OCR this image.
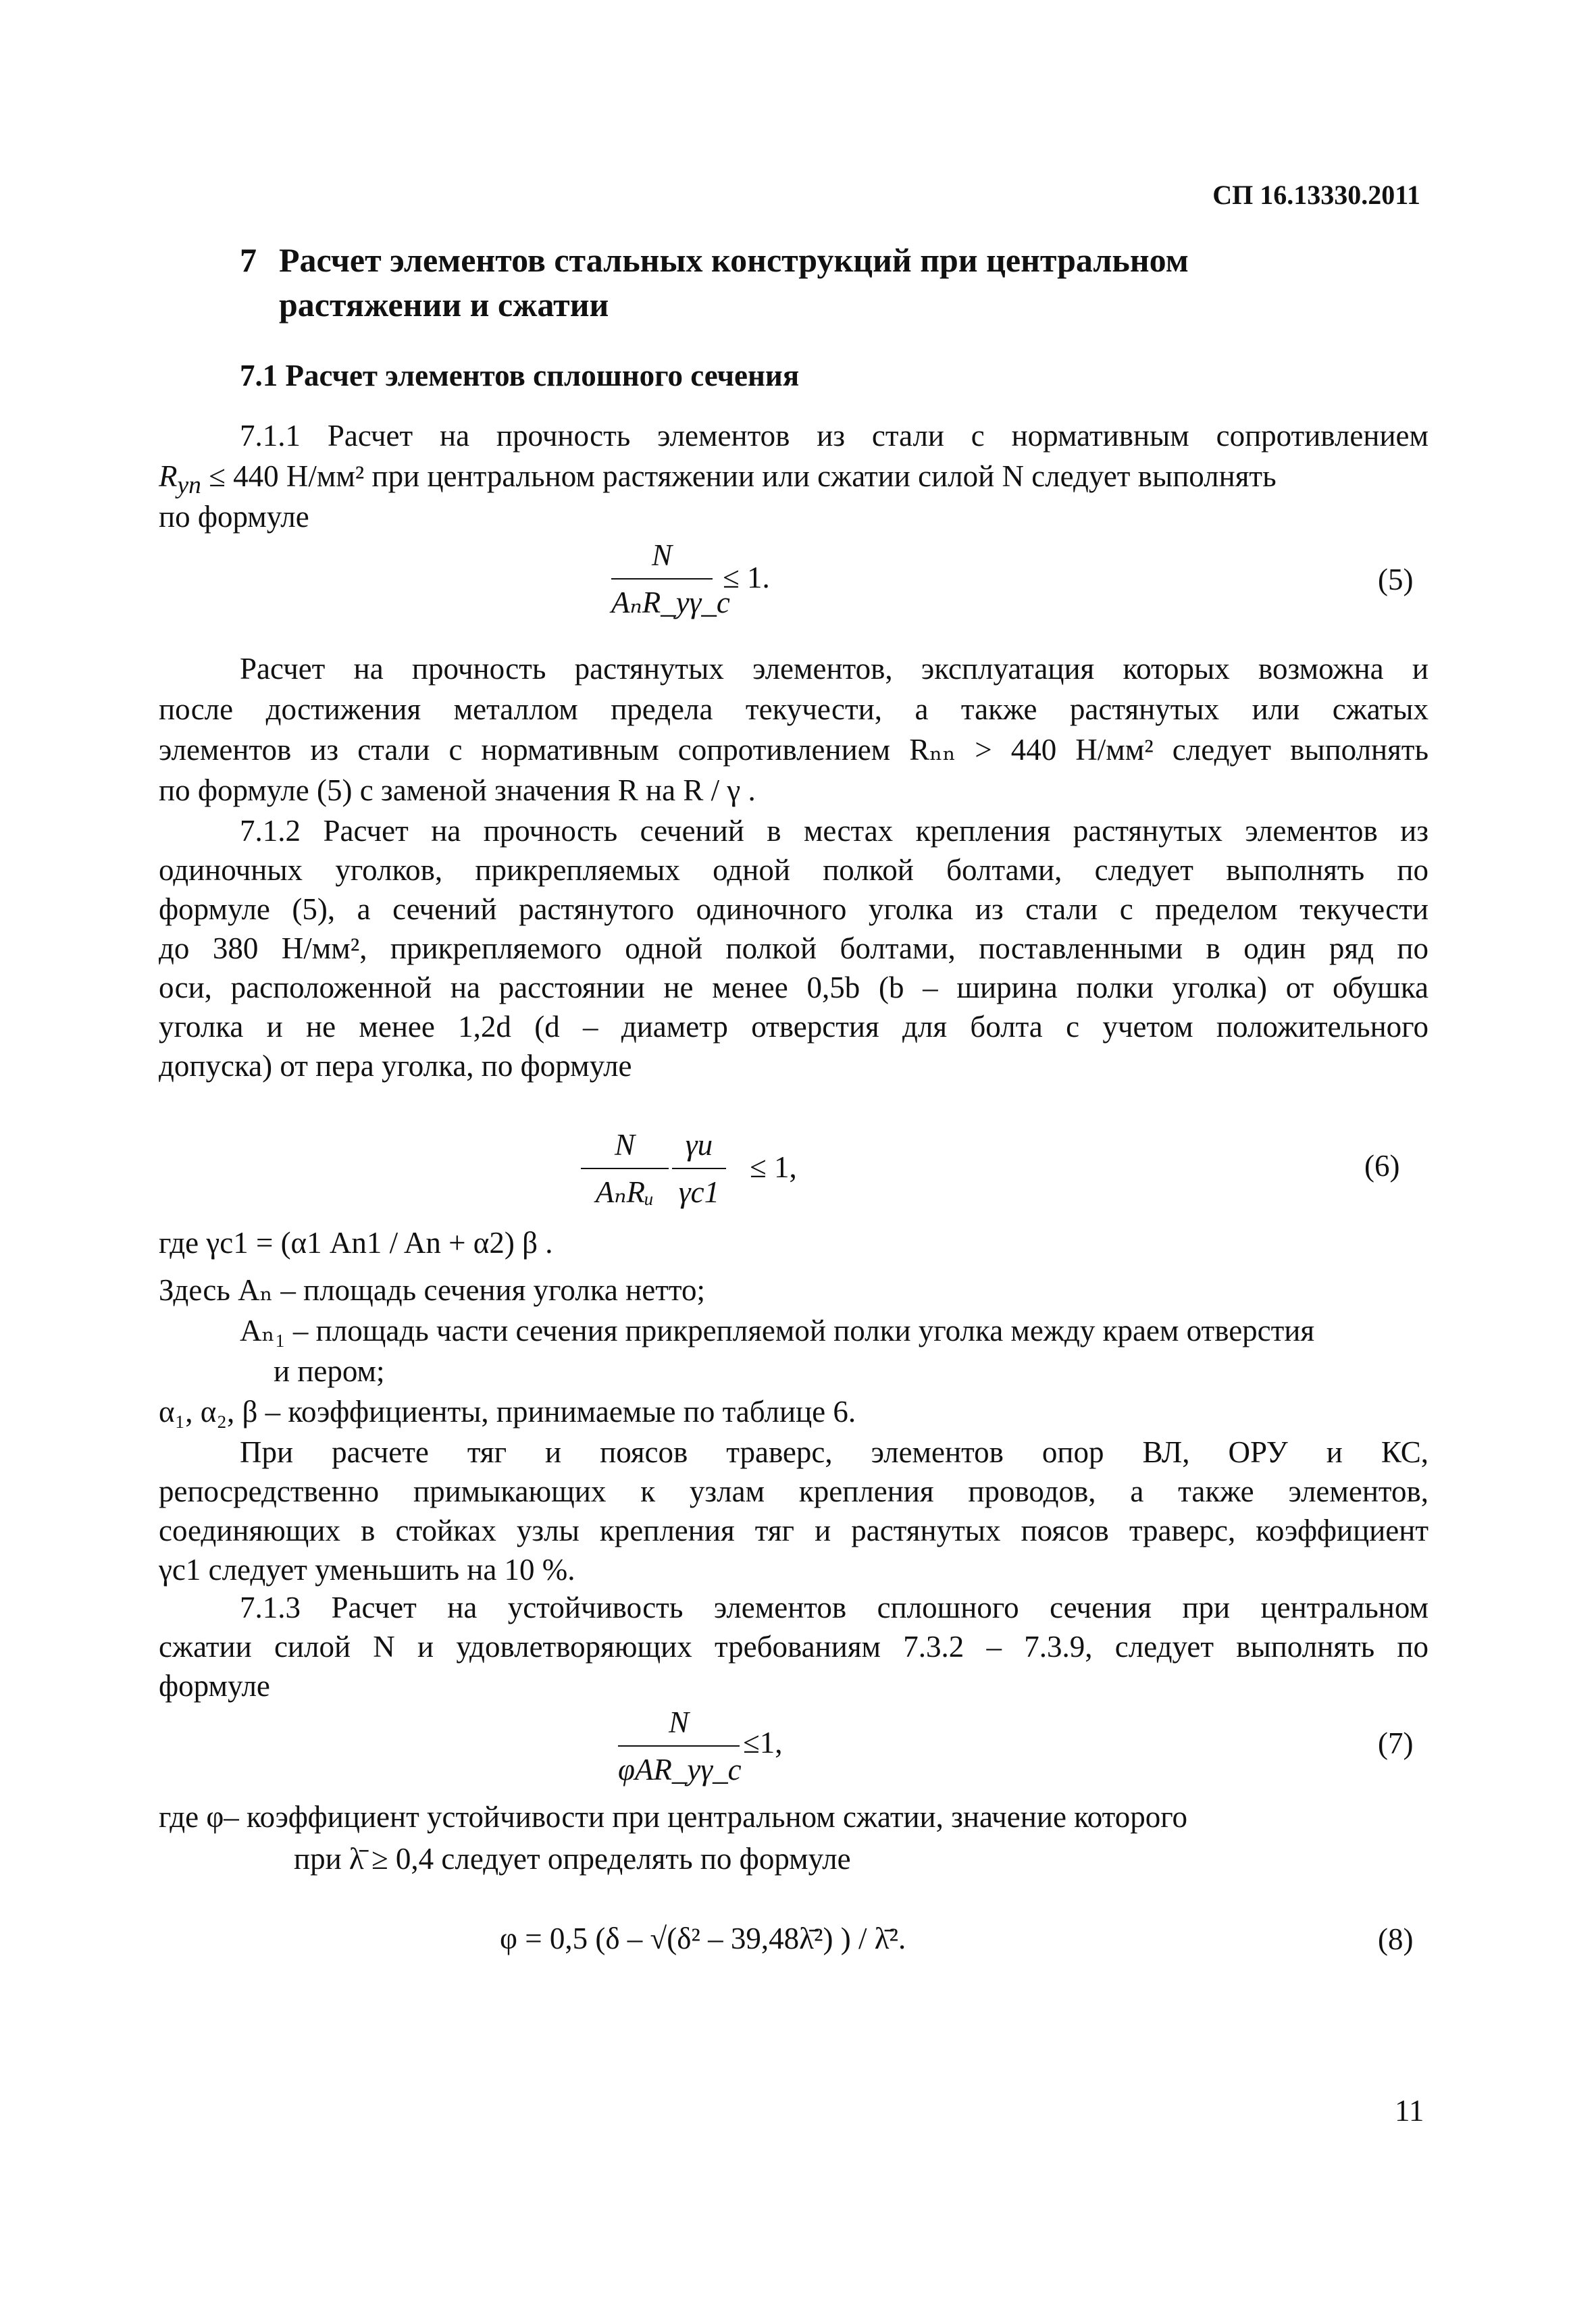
СП 16.13330.2011
7 Расчет элементов стальных конструкций при центральном
растяжении и сжатии
7.1 Расчет элементов сплошного сечения
7.1.1 Расчет на прочность элементов из стали с нормативным сопротивлением
$R_{yn} \le 440$ Н/мм² при центральном растяжении или сжатии силой N следует выполнять
по формуле
N
AₙR_yγ_c
≤ 1.	(5)
Расчет на прочность растянутых элементов, эксплуатация которых возможна и
после достижения металлом предела текучести, а также растянутых или сжатых
элементов из стали с нормативным сопротивлением Rₙₙ > 440 Н/мм² следует выполнять
по формуле (5) с заменой значения R на R / γ .
7.1.2 Расчет на прочность сечений в местах крепления растянутых элементов из
одиночных уголков, прикрепляемых одной полкой болтами, следует выполнять по
формуле (5), а сечений растянутого одиночного уголка из стали с пределом текучести
до 380 Н/мм², прикрепляемого одной полкой болтами, поставленными в один ряд по
оси, расположенной на расстоянии не менее 0,5b (b – ширина полки уголка) от обушка
уголка и не менее 1,2d (d – диаметр отверстия для болта с учетом положительного
допуска) от пера уголка, по формуле
N
AₙRᵤ
γu
γc1
≤ 1,	(6)
где γc1 = (α1 An1 / An + α2) β .
Здесь Aₙ – площадь сечения уголка нетто;
Aₙ₁ – площадь части сечения прикрепляемой полки уголка между краем отверстия
и пером;
α₁, α₂, β – коэффициенты, принимаемые по таблице 6.
При расчете тяг и поясов траверс, элементов опор ВЛ, ОРУ и КС,
репосредственно примыкающих к узлам крепления проводов, а также элементов,
соединяющих в стойках узлы крепления тяг и растянутых поясов траверс, коэффициент
γc1 следует уменьшить на 10 %.
7.1.3 Расчет на устойчивость элементов сплошного сечения при центральном
сжатии силой N и удовлетворяющих требованиям 7.3.2 – 7.3.9, следует выполнять по
формуле
N
φAR_yγ_c
≤1,	(7)
где φ– коэффициент устойчивости при центральном сжатии, значение которого
при λ̄ ≥ 0,4 следует определять по формуле
φ = 0,5 (δ – √(δ² – 39,48λ̄²) ) / λ̄².	(8)
11
